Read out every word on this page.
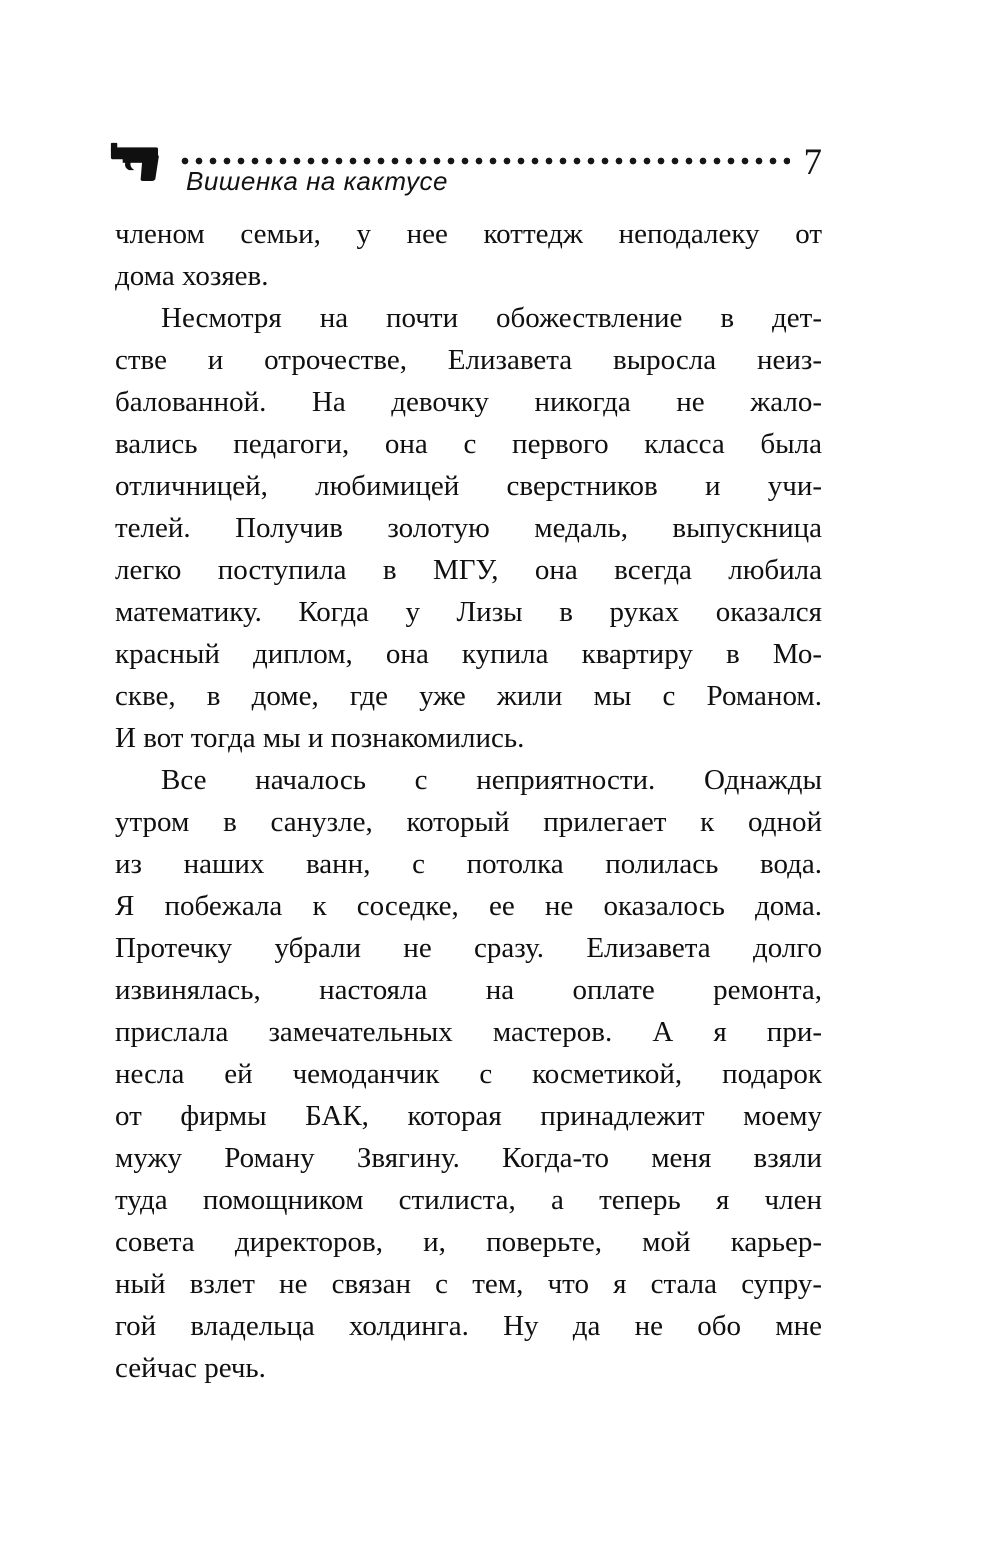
7
Вишенка на кактусе
членом семьи, у нее коттедж неподалеку от
дома хозяев.
Несмотря на почти обожествление в дет-
стве и отрочестве, Елизавета выросла неиз-
балованной. На девочку никогда не жало-
вались педагоги, она с первого класса была
отличницей, любимицей сверстников и учи-
телей. Получив золотую медаль, выпускница
легко поступила в МГУ, она всегда любила
математику. Когда у Лизы в руках оказался
красный диплом, она купила квартиру в Мо-
скве, в доме, где уже жили мы с Романом.
И вот тогда мы и познакомились.
Все началось с неприятности. Однажды
утром в санузле, который прилегает к одной
из наших ванн, с потолка полилась вода.
Я побежала к соседке, ее не оказалось дома.
Протечку убрали не сразу. Елизавета долго
извинялась, настояла на оплате ремонта,
прислала замечательных мастеров. А я при-
несла ей чемоданчик с косметикой, подарок
от фирмы БАК, которая принадлежит моему
мужу Роману Звягину. Когда-то меня взяли
туда помощником стилиста, а теперь я член
совета директоров, и, поверьте, мой карьер-
ный взлет не связан с тем, что я стала супру-
гой владельца холдинга. Ну да не обо мне
сейчас речь.
